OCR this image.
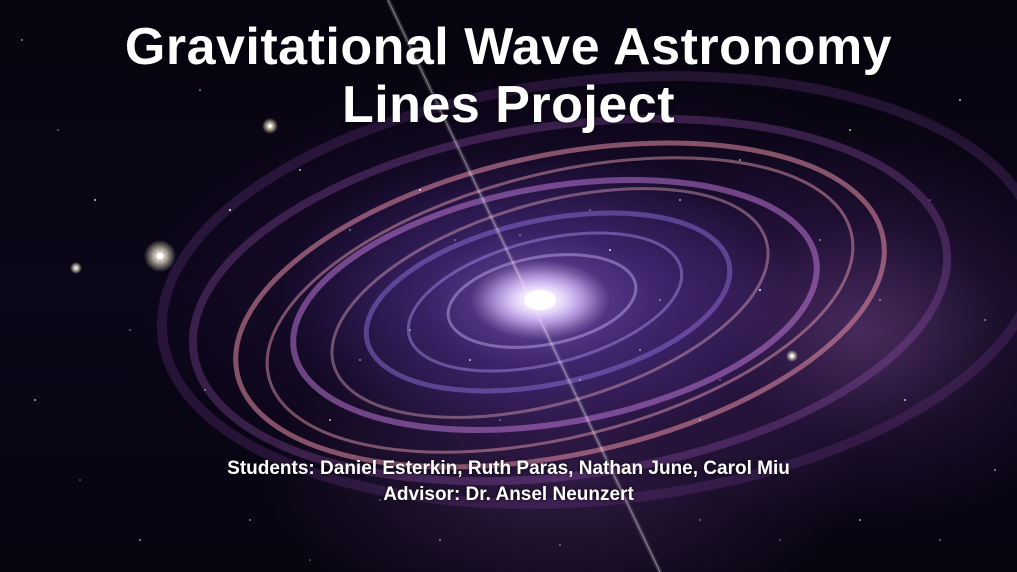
Gravitational Wave Astronomy
Lines Project
Students: Daniel Esterkin, Ruth Paras, Nathan June, Carol Miu
Advisor: Dr. Ansel Neunzert
